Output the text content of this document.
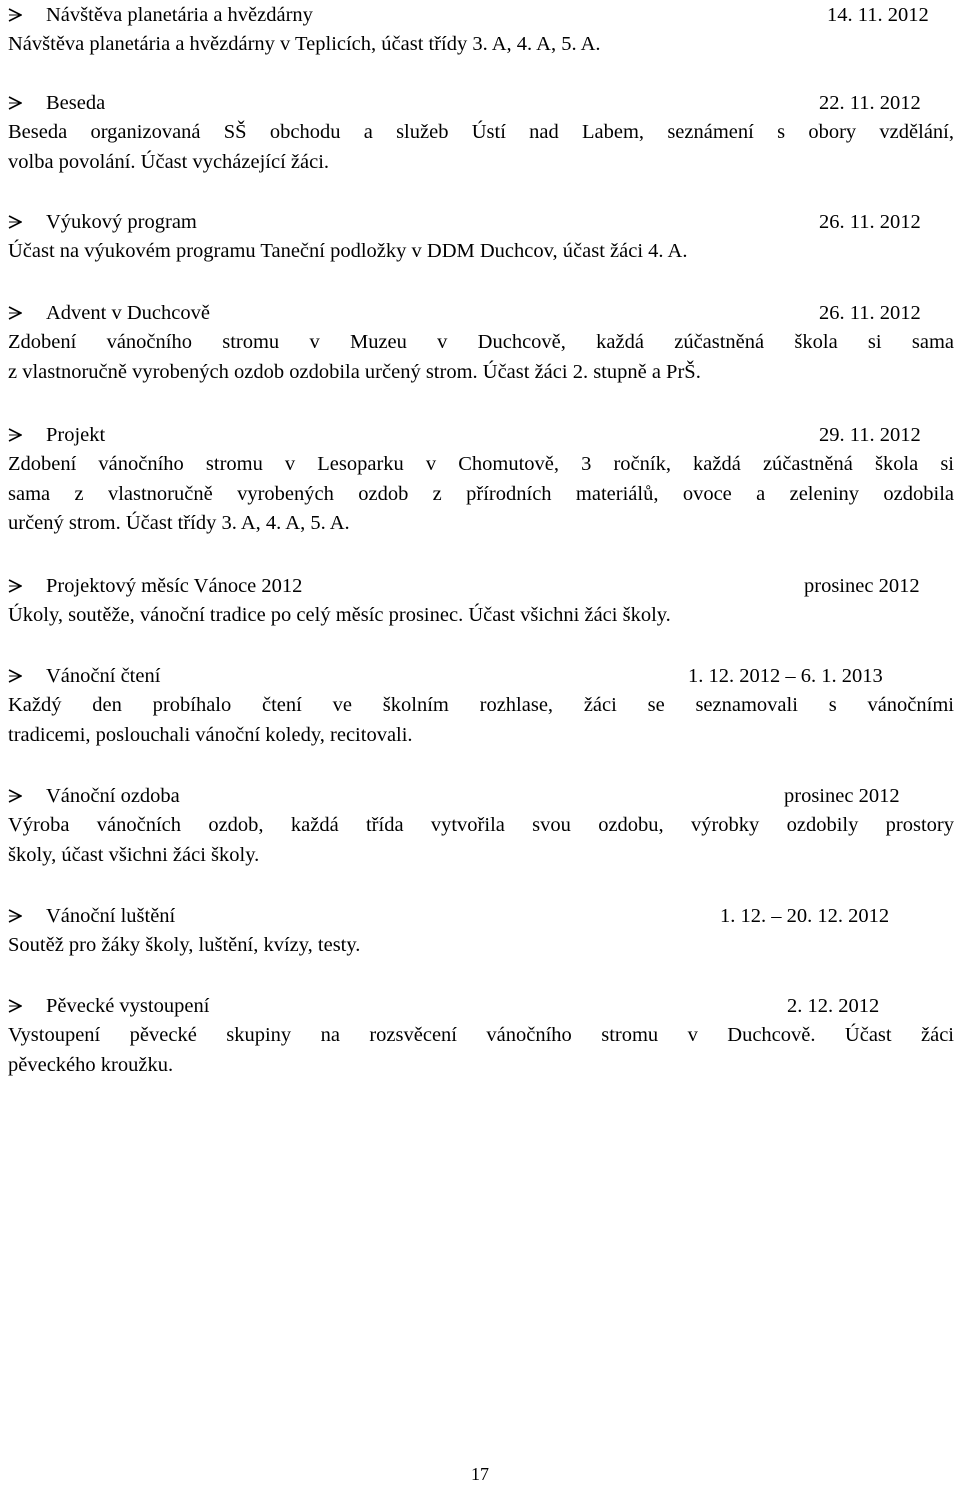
Návštěva planetária a hvězdárny	14. 11. 2012

Návštěva planetária a hvězdárny v Teplicích, účast třídy 3. A, 4. A, 5. A.

Beseda	22. 11. 2012

Beseda organizovaná SŠ obchodu a služeb Ústí nad Labem, seznámení s obory vzdělání,
volba povolání. Účast vycházející žáci.

Výukový program	26. 11. 2012

Účast na výukovém programu Taneční podložky v DDM Duchcov, účast žáci 4. A.

Advent v Duchcově	26. 11. 2012

Zdobení vánočního stromu v Muzeu v Duchcově, každá zúčastněná škola si sama
z vlastnoručně vyrobených ozdob ozdobila určený strom. Účast žáci 2. stupně a PrŠ.

Projekt	29. 11. 2012

Zdobení vánočního stromu v Lesoparku v Chomutově, 3 ročník, každá zúčastněná škola si
sama z vlastnoručně vyrobených ozdob z přírodních materiálů, ovoce a zeleniny ozdobila
určený strom. Účast třídy 3. A, 4. A, 5. A.

Projektový měsíc Vánoce 2012	prosinec 2012

Úkoly, soutěže, vánoční tradice po celý měsíc prosinec. Účast všichni žáci školy.

Vánoční čtení	1. 12. 2012 – 6. 1. 2013

Každý den probíhalo čtení ve školním rozhlase, žáci se seznamovali s vánočními
tradicemi, poslouchali vánoční koledy, recitovali.

Vánoční ozdoba	prosinec 2012

Výroba vánočních ozdob, každá třída vytvořila svou ozdobu, výrobky ozdobily prostory
školy, účast všichni žáci školy.

Vánoční luštění	1. 12. – 20. 12. 2012

Soutěž pro žáky školy, luštění, kvízy, testy.

Pěvecké vystoupení	2. 12. 2012

Vystoupení pěvecké skupiny na rozsvěcení vánočního stromu v Duchcově. Účast žáci
pěveckého kroužku.

17
